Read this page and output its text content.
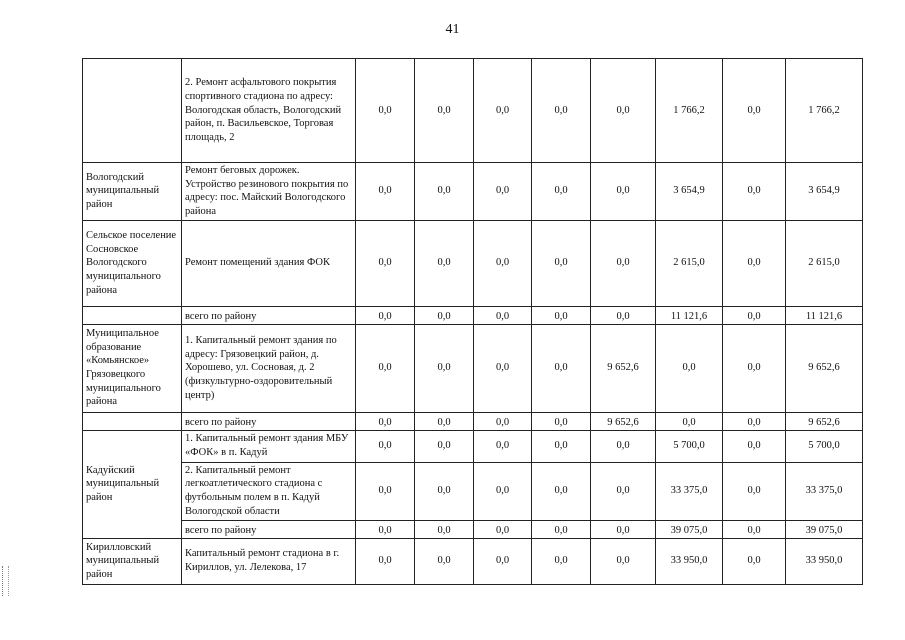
41
	2. Ремонт асфальтового покрытия спортивного стадиона по адресу: Вологодская область, Вологодский район, п. Васильевское, Торговая площадь, 2	0,0	0,0	0,0	0,0	0,0	1 766,2	0,0	1 766,2
Вологодский муниципальный район	Ремонт беговых дорожек. Устройство резинового покрытия по адресу: пос. Майский Вологодского района	0,0	0,0	0,0	0,0	0,0	3 654,9	0,0	3 654,9
Сельское поселение Сосновское Вологодского муниципального района	Ремонт помещений здания ФОК	0,0	0,0	0,0	0,0	0,0	2 615,0	0,0	2 615,0
	всего по району	0,0	0,0	0,0	0,0	0,0	11 121,6	0,0	11 121,6
Муниципальное образование «Комьянское» Грязовецкого муниципального района	1. Капитальный ремонт здания по адресу: Грязовецкий район, д. Хорошево, ул. Сосновая, д. 2 (физкультурно-оздоровительный центр)	0,0	0,0	0,0	0,0	9 652,6	0,0	0,0	9 652,6
	всего по району	0,0	0,0	0,0	0,0	9 652,6	0,0	0,0	9 652,6
Кадуйский муниципальный район	1. Капитальный ремонт здания МБУ «ФОК» в п. Кадуй	0,0	0,0	0,0	0,0	0,0	5 700,0	0,0	5 700,0
	2. Капитальный ремонт легкоатлетического стадиона с футбольным полем в п. Кадуй Вологодской области	0,0	0,0	0,0	0,0	0,0	33 375,0	0,0	33 375,0
	всего по району	0,0	0,0	0,0	0,0	0,0	39 075,0	0,0	39 075,0
Кирилловский муниципальный район	Капитальный ремонт стадиона в г. Кириллов, ул. Лелекова, 17	0,0	0,0	0,0	0,0	0,0	33 950,0	0,0	33 950,0
